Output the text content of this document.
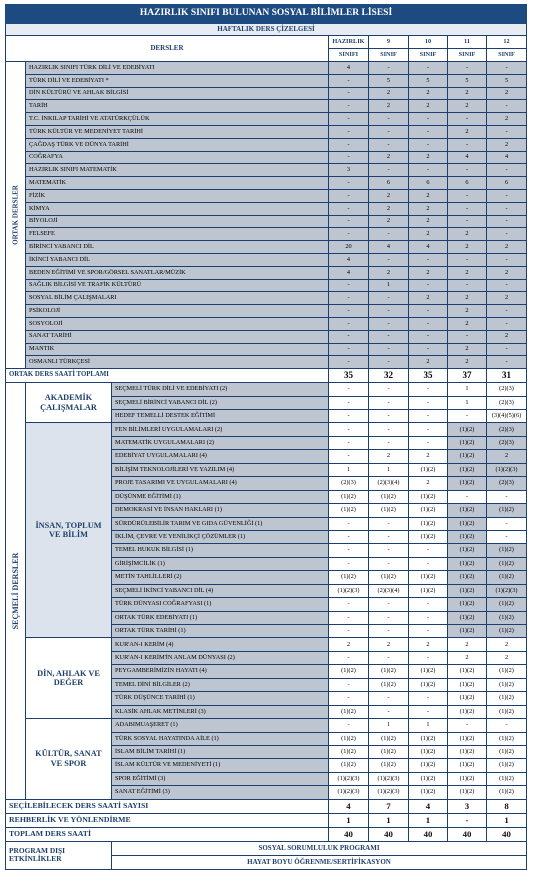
HAZIRLIK SINIFI BULUNAN SOSYAL BİLİMLER LİSESİ							
HAFTALIK DERS ÇİZELGESİ							
DERSLER			HAZIRLIK	9	10	11	12
			SINIFI	SINIF	SINIF	SINIF	SINIF

ORTAK DERSLER	HAZIRLIK SINIFI TÜRK DİLİ VE EDEBİYATI		4	-	-	-	-
	TÜRK DİLİ VE EDEBİYATI *		-	5	5	5	5
	DİN KÜLTÜRÜ VE AHLAK BİLGİSİ		-	2	2	2	2
	TARİH		-	2	2	2	-
	T.C. İNKILAP TARİHİ VE ATATÜRKÇÜLÜK		-	-	-	-	2
	TÜRK KÜLTÜR VE MEDENİYET TARİHİ		-	-	-	2	-
	ÇAĞDAŞ TÜRK VE DÜNYA TARİHİ		-	-	-	-	2
	COĞRAFYA		-	2	2	4	4
	HAZIRLIK SINIFI MATEMATİK		3	-	-	-	-
	MATEMATİK		-	6	6	6	6
	FİZİK		-	2	2	-	-
	KİMYA		-	2	2	-	-
	BİYOLOJİ		-	2	2	-	-
	FELSEFE		-	-	2	2	-
	BİRİNCİ YABANCI DİL		20	4	4	2	2
	İKİNCİ YABANCI DİL		4	-	-	-	-
	BEDEN EĞİTİMİ VE SPOR/GÖRSEL SANATLAR/MÜZİK		4	2	2	2	2
	SAĞLIK BİLGİSİ VE TRAFİK KÜLTÜRÜ		-	1	-	-	-
	SOSYAL BİLİM ÇALIŞMALARI		-	-	2	2	2
	PSİKOLOJİ		-	-	-	2	-
	SOSYOLOJİ		-	-	-	2	-
	SANAT TARİHİ		-	-	-	-	2
	MANTIK		-	-	-	2	-
	OSMANLI TÜRKÇESİ		-	-	2	2	-
ORTAK DERS SAATİ TOPLAMI			35	32	35	37	31

SEÇMELİ DERSLER	AKADEMİK ÇALIŞMALAR	SEÇMELİ TÜRK DİLİ VE EDEBİYATI (2)	-	-	-	1	(2)(3)
		SEÇMELİ BİRİNCİ YABANCI DİL (2)	-	-	-	1	(2)(3)
		HEDEF TEMELLİ DESTEK EĞİTİMİ	-	-	-	-	(3)(4)(5)(6)
	İNSAN, TOPLUM VE BİLİM	FEN BİLİMLERİ UYGULAMALARI (2)	-	-	-	(1)(2)	(2)(3)
		MATEMATİK UYGULAMALARI (2)	-	-	-	(1)(2)	(2)(3)
		EDEBİYAT UYGULAMALARI (4)	-	2	2	(1)(2)	2
		BİLİŞİM TEKNOLOJİLERİ VE YAZILIM (4)	1	1	(1)(2)	(1)(2)	(1)(2)(3)
		PROJE TASARIMI VE UYGULAMALARI (4)	(2)(3)	(2)(3)(4)	2	(1)(2)	(2)(3)
		DÜŞÜNME EĞİTİMİ (1)	(1)(2)	(1)(2)	(1)(2)	-	-
		DEMOKRASİ VE İNSAN HAKLARI (1)	(1)(2)	(1)(2)	(1)(2)	(1)(2)	(1)(2)
		SÜRDÜRÜLEBİLİR TARIM VE GIDA GÜVENLİĞİ (1)	-	-	(1)(2)	(1)(2)	-
		İKLİM, ÇEVRE VE YENİLİKÇİ ÇÖZÜMLER (1)	-	-	(1)(2)	(1)(2)	-
		TEMEL HUKUK BİLGİSİ (1)	-	-	-	(1)(2)	(1)(2)
		GİRİŞİMCİLİK (1)	-	-	-	(1)(2)	(1)(2)
		METİN TAHLİLLERİ (2)	(1)(2)	(1)(2)	(1)(2)	(1)(2)	(1)(2)
		SEÇMELİ İKİNCİ YABANCI DİL (4)	(1)(2)(3)	(2)(3)(4)	(1)(2)	(1)(2)	(1)(2)(3)
		TÜRK DÜNYASI COĞRAFYASI (1)	-	-	-	(1)(2)	(1)(2)
		ORTAK TÜRK EDEBİYATI (1)	-	-	-	(1)(2)	(1)(2)
		ORTAK TÜRK TARİHİ (1)	-	-	-	(1)(2)	(1)(2)
	DİN, AHLAK VE DEĞER	KUR'AN-I KERİM (4)	2	2	2	2	2
		KUR'AN-I KERİM'İN ANLAM DÜNYASI (2)	-	-	-	2	2
		PEYGAMBERİMİZİN HAYATI (4)	(1)(2)	(1)(2)	(1)(2)	(1)(2)	(1)(2)
		TEMEL DİNİ BİLGİLER (2)	-	(1)(2)	(1)(2)	(1)(2)	(1)(2)
		TÜRK DÜŞÜNCE TARİHİ (1)	-	-	-	(1)(2)	(1)(2)
		KLASİK AHLAK METİNLERİ (3)	(1)(2)	-	-	(1)(2)	(1)(2)
	KÜLTÜR, SANAT VE SPOR	ADABIMUAŞERET (1)	-	1	1	-	-
		TÜRK SOSYAL HAYATINDA AİLE (1)	(1)(2)	(1)(2)	(1)(2)	(1)(2)	(1)(2)
		İSLAM BİLİM TARİHİ (1)	(1)(2)	(1)(2)	(1)(2)	(1)(2)	(1)(2)
		İSLAM KÜLTÜR VE MEDENİYETİ (1)	(1)(2)	(1)(2)	(1)(2)	(1)(2)	(1)(2)
		SPOR EĞİTİMİ (3)	(1)(2)(3)	(1)(2)(3)	(1)(2)	(1)(2)	(1)(2)
		SANAT EĞİTİMİ (3)	(1)(2)(3)	(1)(2)(3)	(1)(2)	(1)(2)	(1)(2)
SEÇİLEBİLECEK DERS SAATİ SAYISI			4	7	4	3	8
REHBERLİK VE YÖNLENDİRME			1	1	1	-	1
TOPLAM DERS SAATİ			40	40	40	40	40
PROGRAM DIŞI ETKİNLİKLER		SOSYAL SORUMLULUK PROGRAMI					
		HAYAT BOYU ÖĞRENME/SERTİFİKASYON					
